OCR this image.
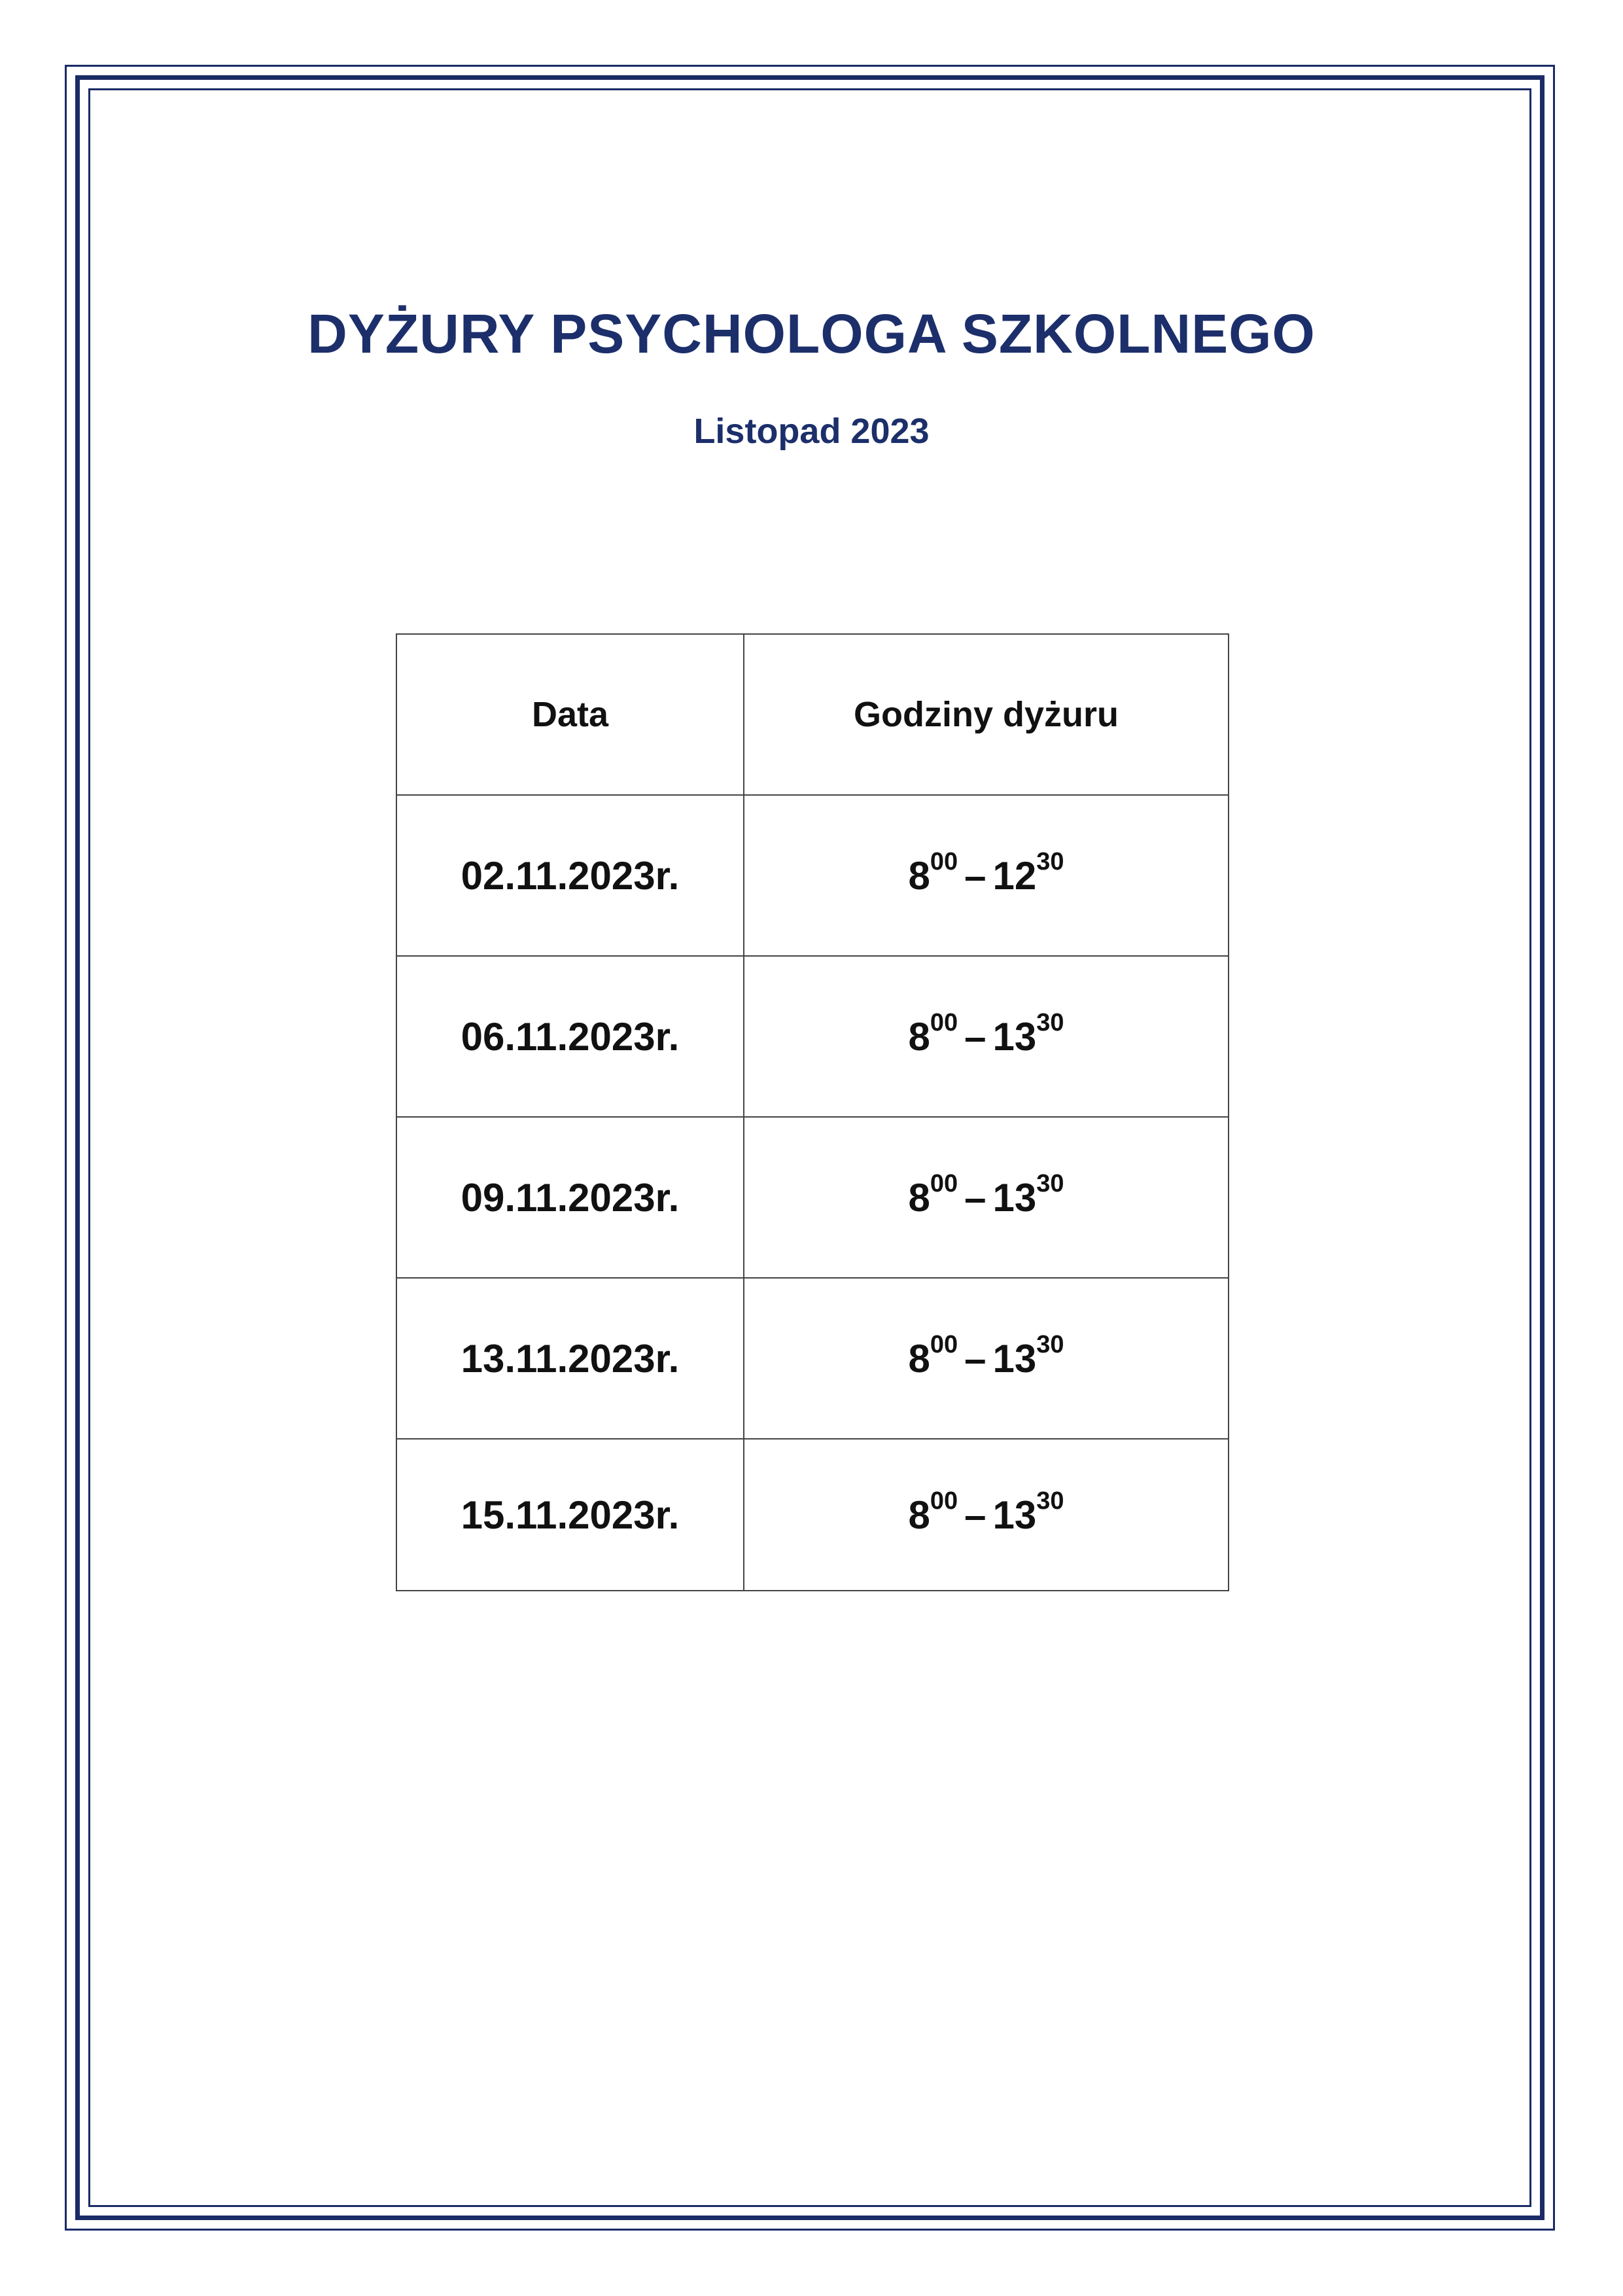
DYŻURY PSYCHOLOGA SZKOLNEGO
Listopad 2023
Data	Godziny dyżuru
02.11.2023r.	$8^{00} - 12^{30}$
06.11.2023r.	$8^{00} - 13^{30}$
09.11.2023r.	$8^{00} - 13^{30}$
13.11.2023r.	$8^{00} - 13^{30}$
15.11.2023r.	$8^{00} - 13^{30}$
